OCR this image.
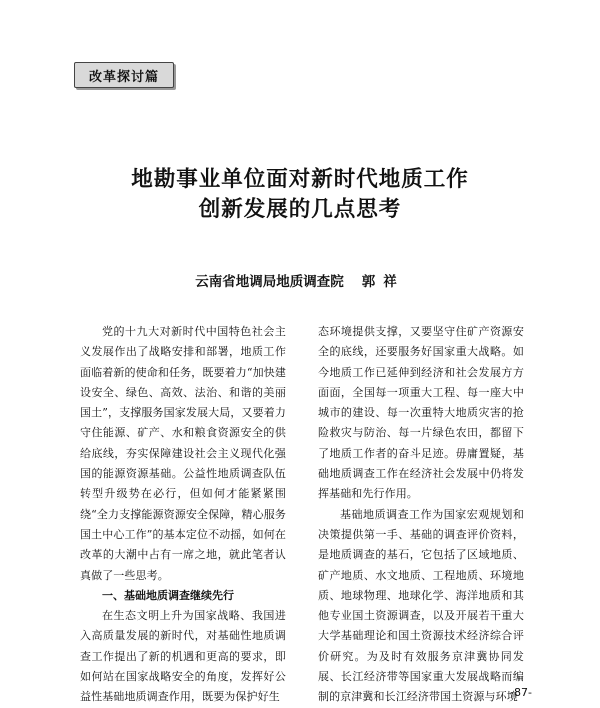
改革探讨篇
地勘事业单位面对新时代地质工作
创新发展的几点思考
云南省地调局地质调查院 郭祥

党的十九大对新时代中国特色社会主义发展作出了战略安排和部署，地质工作面临着新的使命和任务，既要着力“加快建设安全、绿色、高效、法治、和谐的美丽国土”，支撑服务国家发展大局，又要着力守住能源、矿产、水和粮食资源安全的供给底线，夯实保障建设社会主义现代化强国的能源资源基础。公益性地质调查队伍转型升级势在必行，但如何才能紧紧围绕“全力支撑能源资源安全保障，精心服务国土中心工作”的基本定位不动摇，如何在改革的大潮中占有一席之地，就此笔者认真做了一些思考。

一、基础地质调查继续先行

在生态文明上升为国家战略、我国进入高质量发展的新时代，对基础性地质调查工作提出了新的机遇和更高的要求，即如何站在国家战略安全的角度，发挥好公益性基础地质调查作用，既要为保护好生

态环境提供支撑，又要坚守住矿产资源安全的底线，还要服务好国家重大战略。如今地质工作已延伸到经济和社会发展方方面面，全国每一项重大工程、每一座大中城市的建设、每一次重特大地质灾害的抢险救灾与防治、每一片绿色农田，都留下了地质工作者的奋斗足迹。毋庸置疑，基础地质调查工作在经济社会发展中仍将发挥基础和先行作用。

基础地质调查工作为国家宏观规划和决策提供第一手、基础的调查评价资料，是地质调查的基石，它包括了区域地质、矿产地质、水文地质、工程地质、环境地质、地球物理、地球化学、海洋地质和其他专业国土资源调查，以及开展若干重大大学基础理论和国土资源技术经济综合评价研究。为及时有效服务京津冀协同发展、长江经济带等国家重大发展战略而编制的京津冀和长江经济带国土资源与环境

-87-
